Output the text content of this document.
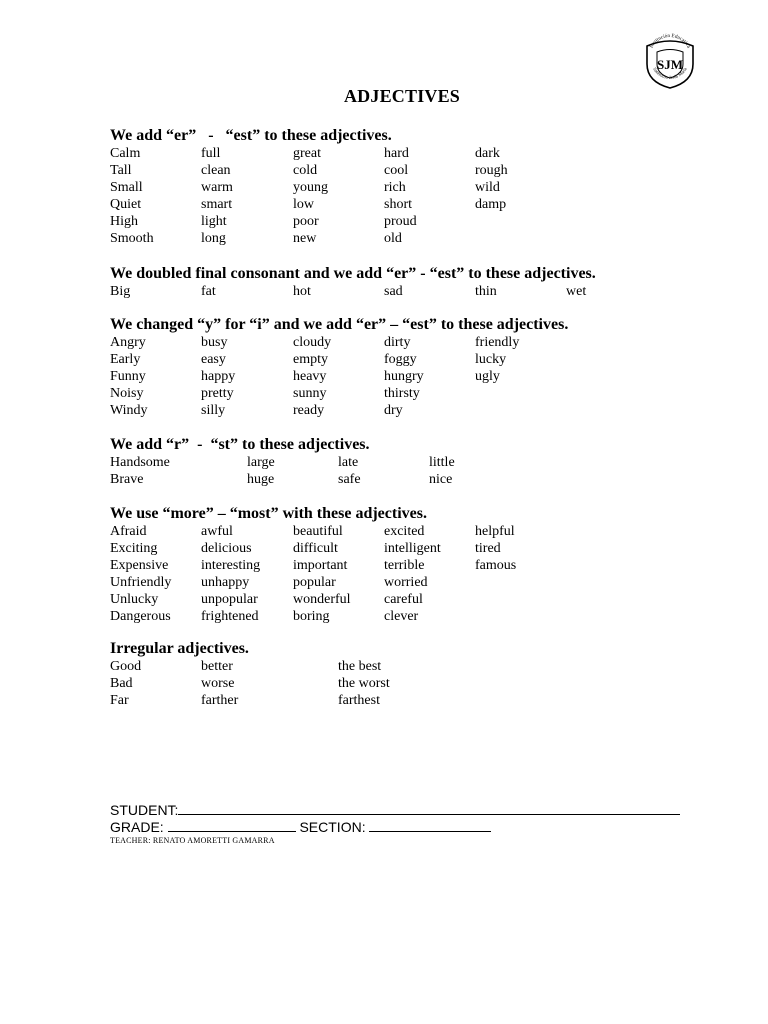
Institución Educativa
Santísimo Jesús María
SJM
ADJECTIVES
We add “er”   -   “est” to these adjectives.
Calm	full	great	hard	dark
Tall	clean	cold	cool	rough
Small	warm	young	rich	wild
Quiet	smart	low	short	damp
High	light	poor	proud
Smooth	long	new	old
We doubled final consonant and we add “er” - “est” to these adjectives.
Big	fat	hot	sad	thin	wet
We changed “y” for “i” and we add “er” – “est” to these adjectives.
Angry	busy	cloudy	dirty	friendly
Early	easy	empty	foggy	lucky
Funny	happy	heavy	hungry	ugly
Noisy	pretty	sunny	thirsty
Windy	silly	ready	dry
We add “r”  -  “st” to these adjectives.
Handsome	large	late	little
Brave	huge	safe	nice
We use “more” – “most” with these adjectives.
Afraid	awful	beautiful	excited	helpful
Exciting	delicious	difficult	intelligent	tired
Expensive	interesting	important	terrible	famous
Unfriendly	unhappy	popular	worried
Unlucky	unpopular	wonderful	careful
Dangerous	frightened	boring	clever
Irregular adjectives.
Good	better	the best
Bad	worse	the worst
Far	farther	farthest
STUDENT:
GRADE:	SECTION:
TEACHER: RENATO AMORETTI GAMARRA
